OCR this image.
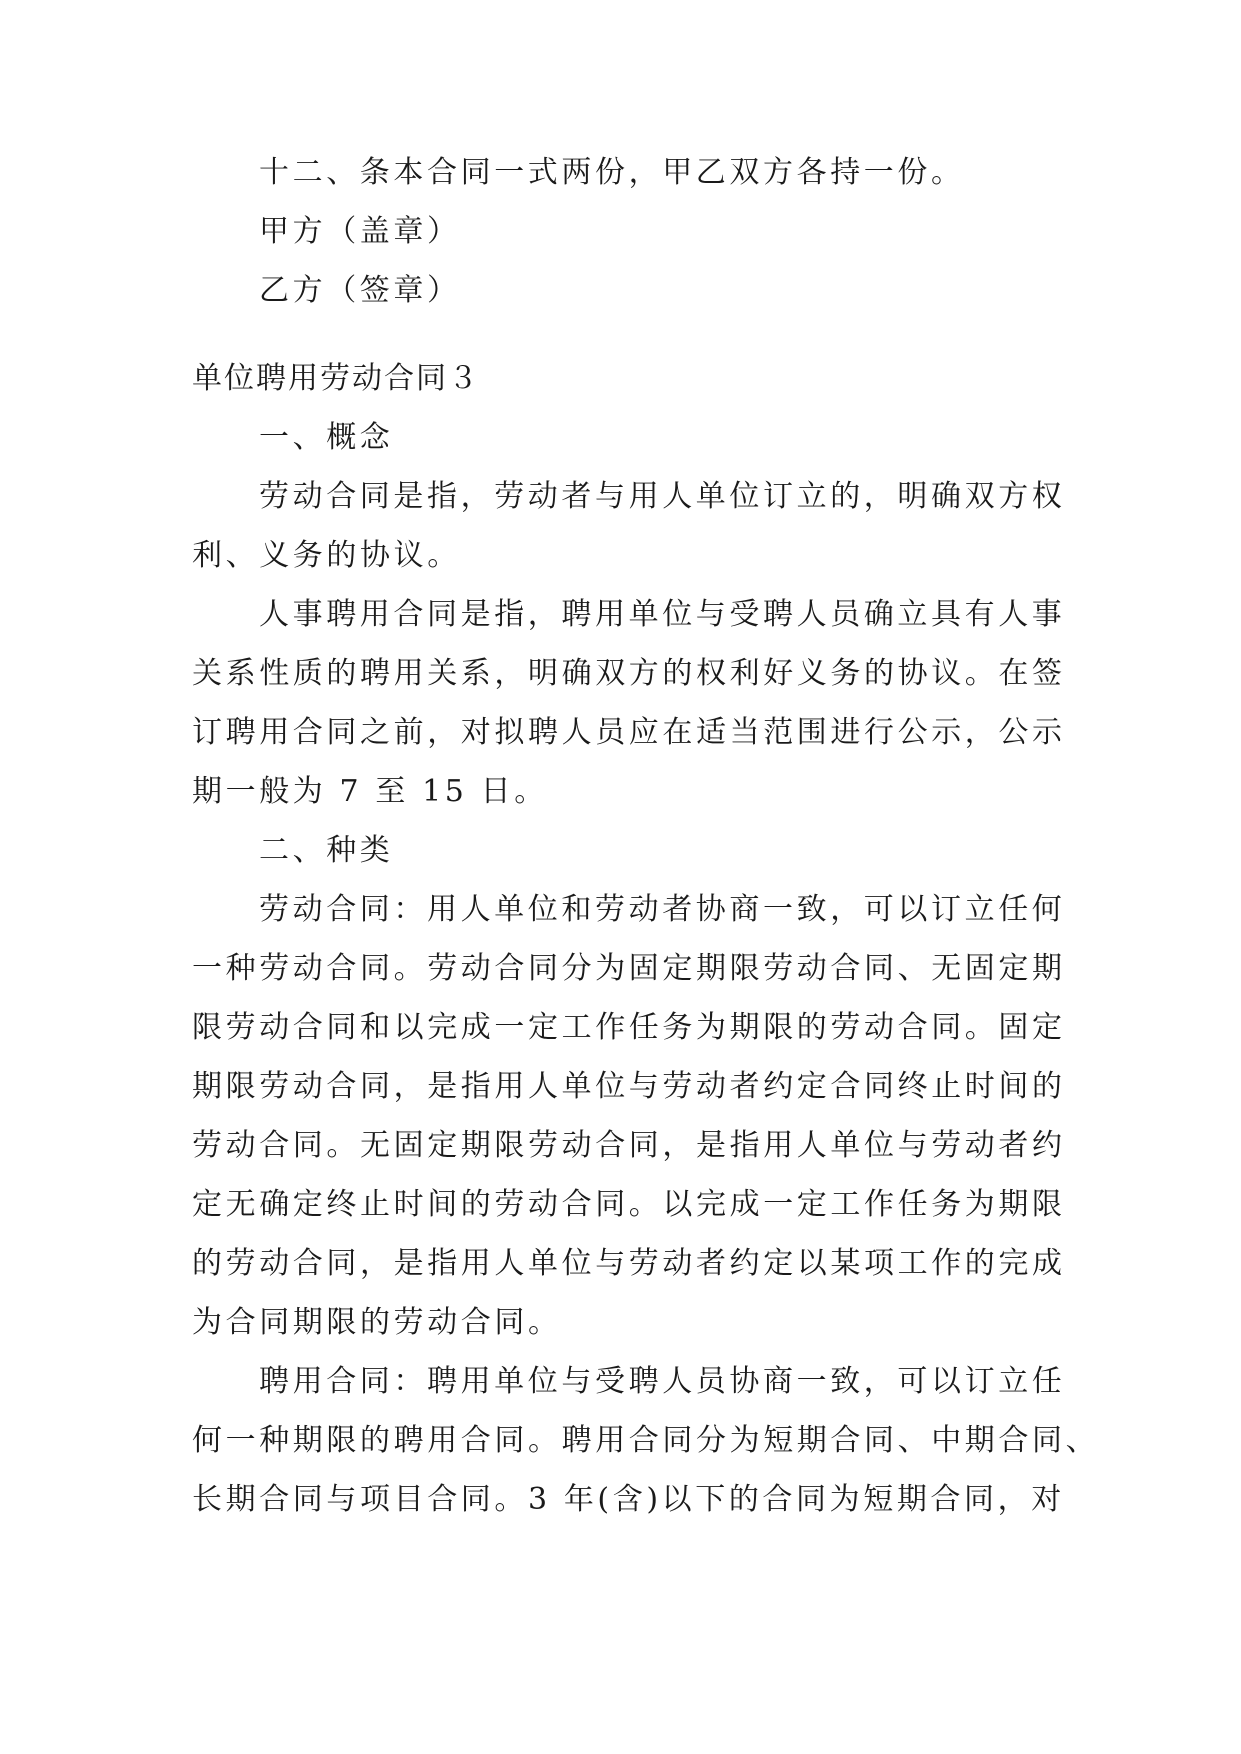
十二、条本合同一式两份，甲乙双方各持一份。
甲方（盖章）
乙方（签章）
单位聘用劳动合同３
一、概念
劳动合同是指，劳动者与用人单位订立的，明确双方权
利、义务的协议。
人事聘用合同是指，聘用单位与受聘人员确立具有人事
关系性质的聘用关系，明确双方的权利好义务的协议。在签
订聘用合同之前，对拟聘人员应在适当范围进行公示，公示
期一般为 7 至 15 日。
二、种类
劳动合同：用人单位和劳动者协商一致，可以订立任何
一种劳动合同。劳动合同分为固定期限劳动合同、无固定期
限劳动合同和以完成一定工作任务为期限的劳动合同。固定
期限劳动合同，是指用人单位与劳动者约定合同终止时间的
劳动合同。无固定期限劳动合同，是指用人单位与劳动者约
定无确定终止时间的劳动合同。以完成一定工作任务为期限
的劳动合同，是指用人单位与劳动者约定以某项工作的完成
为合同期限的劳动合同。
聘用合同：聘用单位与受聘人员协商一致，可以订立任
何一种期限的聘用合同。聘用合同分为短期合同、中期合同、
长期合同与项目合同。3 年(含)以下的合同为短期合同，对
